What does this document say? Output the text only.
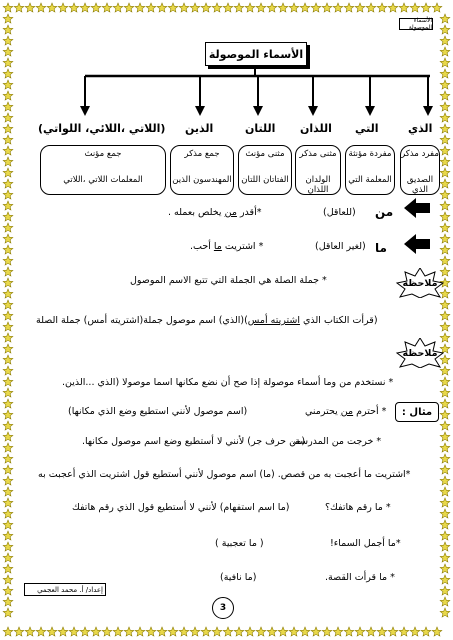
الأسماء الموصولة
الأسماء الموصولة
الذي
التي
اللذان
اللتان
الذين
(اللاتي ،اللائي، اللواتي)
مفرد مذكر
الصديق الذي
مفردة مؤنثة
المعلمة التي
مثنى مذكر
الولدان اللذان
مثنى مؤنث
الفتاتان اللتان
جمع مذكر
المهندسون الذين
جمع مؤنث
المعلمات اللاتي ،اللاتي
من
(للعاقل)
*أقدر من يخلص بعمله .
ما
(لغير العاقل)
* اشتريت ما أحب.
ملاحظة
* جملة الصلة هي الجملة التي تتبع الاسم الموصول
(قرأت الكتاب الذي اشتريته أمس)(الذي) اسم موصول جملة(اشتريته أمس) جملة الصلة
ملاحظة
* نستخدم من وما أسماء موصولة إذا صح أن نضع مكانها اسما موصولا (الذي ...الذين.
مثال :
* أحترم من يحترمني
(اسم موصول لأنني استطيع وضع الذي مكانها)
* خرجت من المدرسة.
(من حرف جر) لأنني لا أستطيع وضع اسم موصول مكانها.
*اشتريت ما أعجبت به من قصص. (ما) اسم موصول لأنني أستطيع قول اشتريت الذي أعجبت به
* ما رقم هاتفك؟
(ما اسم استفهام) لأنني لا أستطيع قول الذي رقم هاتفك
*ما أجمل السماء!
( ما تعجبية )
* ما قرأت القصة.
(ما نافية)
إعداد/ أ. محمد العجمي
3
